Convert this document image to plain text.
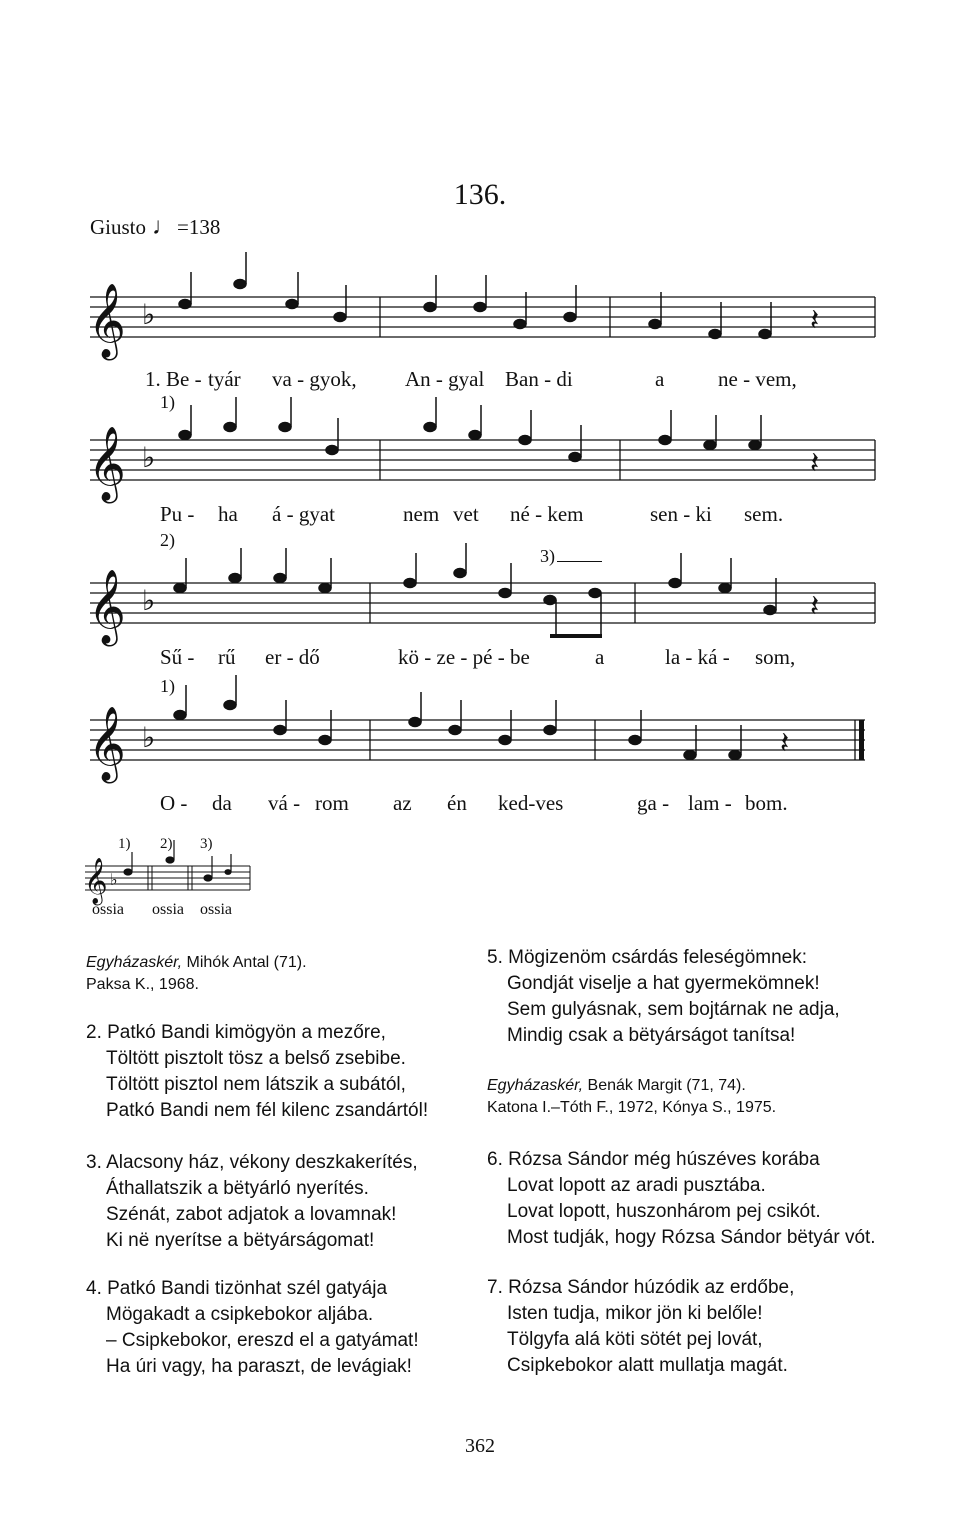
136.
Giusto ♩=138
𝄞 ♭	𝄽
1. Be - tyár va - gyok, An - gyal Ban - di	a	ne - vem,
1)
𝄞 ♭	𝄽
Pu - ha á - gyat	nem vet né - kem	sen - ki sem.
2)
3)
𝄞 ♭	𝄽
Sű - rű er - dő	kö - ze - pé - be	a	la - ká - som,
1)
𝄞 ♭	𝄽
O - da vá - rom az én ked-ves	ga - lam - bom.
1) 2) 3)
𝄞 ♭
ossia ossia ossia
Egyházaskér, Mihók Antal (71).
Paksa K., 1968.
2. Patkó Bandi kimögyön a mezőre,
Töltött pisztolt tösz a belső zsebibe.
Töltött pisztol nem látszik a subától,
Patkó Bandi nem fél kilenc zsandártól!
3. Alacsony ház, vékony deszkakerítés,
Áthallatszik a bëtyárló nyerítés.
Szénát, zabot adjatok a lovamnak!
Ki në nyerítse a bëtyárságomat!
4. Patkó Bandi tizönhat szél gatyája
Mögakadt a csipkebokor aljába.
– Csipkebokor, ereszd el a gatyámat!
Ha úri vagy, ha paraszt, de levágiak!
5. Mögizenöm csárdás feleségömnek:
Gondját viselje a hat gyermekömnek!
Sem gulyásnak, sem bojtárnak ne adja,
Mindig csak a bëtyárságot tanítsa!
Egyházaskér, Benák Margit (71, 74).
Katona I.–Tóth F., 1972, Kónya S., 1975.
6. Rózsa Sándor még húszéves korába
Lovat lopott az aradi pusztába.
Lovat lopott, huszonhárom pej csikót.
Most tudják, hogy Rózsa Sándor bëtyár vót.
7. Rózsa Sándor húzódik az erdőbe,
Isten tudja, mikor jön ki belőle!
Tölgyfa alá köti sötét pej lovát,
Csipkebokor alatt mullatja magát.
362
